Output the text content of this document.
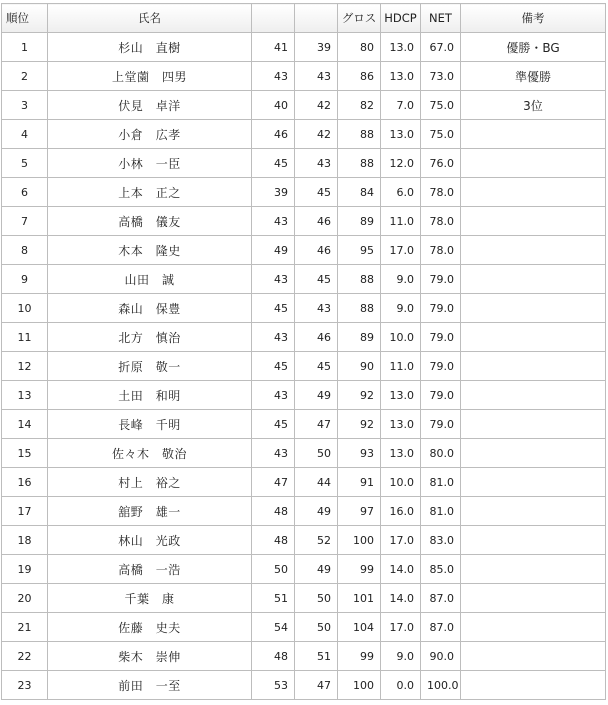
順位	氏名			グロス	HDCP	NET	備考
1	杉山　直樹	41	39	80	13.0	67.0	優勝・BG
2	上堂薗　四男	43	43	86	13.0	73.0	準優勝
3	伏見　卓洋	40	42	82	7.0	75.0	3位
4	小倉　広孝	46	42	88	13.0	75.0	
5	小林　一臣	45	43	88	12.0	76.0	
6	上本　正之	39	45	84	6.0	78.0	
7	高橋　儀友	43	46	89	11.0	78.0	
8	木本　隆史	49	46	95	17.0	78.0	
9	山田　誠	43	45	88	9.0	79.0	
10	森山　保豊	45	43	88	9.0	79.0	
11	北方　慎治	43	46	89	10.0	79.0	
12	折原　敬一	45	45	90	11.0	79.0	
13	土田　和明	43	49	92	13.0	79.0	
14	長峰　千明	45	47	92	13.0	79.0	
15	佐々木　敬治	43	50	93	13.0	80.0	
16	村上　裕之	47	44	91	10.0	81.0	
17	舘野　雄一	48	49	97	16.0	81.0	
18	林山　光政	48	52	100	17.0	83.0	
19	高橋　一浩	50	49	99	14.0	85.0	
20	千葉　康	51	50	101	14.0	87.0	
21	佐藤　史夫	54	50	104	17.0	87.0	
22	柴木　崇伸	48	51	99	9.0	90.0	
23	前田　一至	53	47	100	0.0	100.0	
